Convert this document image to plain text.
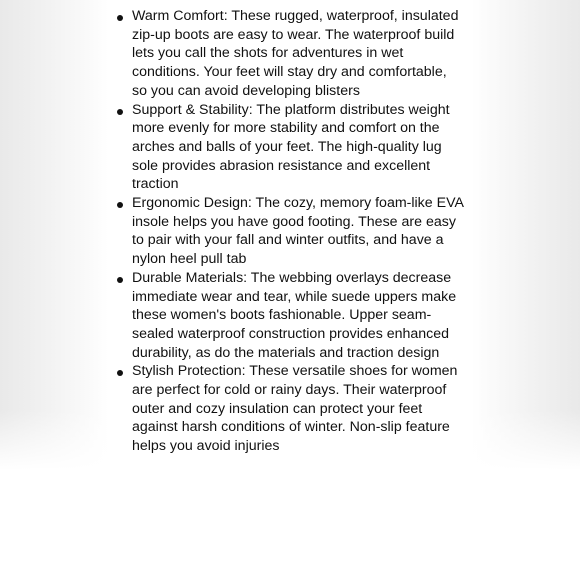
Warm Comfort: These rugged, waterproof, insulated zip-up boots are easy to wear. The waterproof build lets you call the shots for adventures in wet conditions. Your feet will stay dry and comfortable, so you can avoid developing blisters
Support & Stability: The platform distributes weight more evenly for more stability and comfort on the arches and balls of your feet. The high-quality lug sole provides abrasion resistance and excellent traction
Ergonomic Design: The cozy, memory foam-like EVA insole helps you have good footing. These are easy to pair with your fall and winter outfits, and have a nylon heel pull tab
Durable Materials: The webbing overlays decrease immediate wear and tear, while suede uppers make these women's boots fashionable. Upper seam-sealed waterproof construction provides enhanced durability, as do the materials and traction design
Stylish Protection: These versatile shoes for women are perfect for cold or rainy days. Their waterproof outer and cozy insulation can protect your feet against harsh conditions of winter. Non-slip feature helps you avoid injuries
